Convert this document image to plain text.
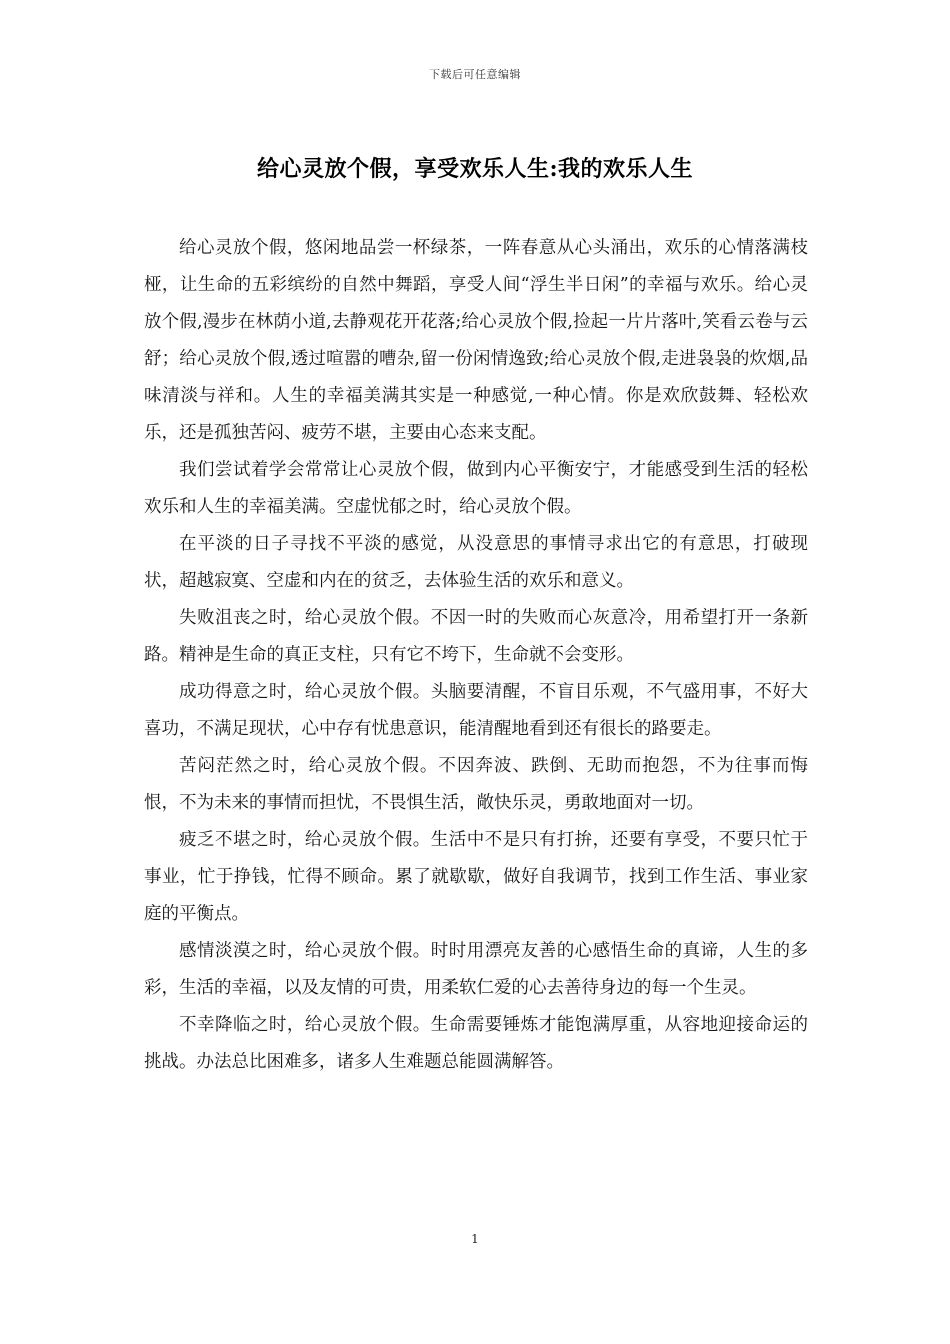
下载后可任意编辑
给心灵放个假，享受欢乐人生:我的欢乐人生

给心灵放个假，悠闲地品尝一杯绿茶，一阵春意从心头涌出，欢乐的心情落满枝桠，让生命的五彩缤纷的自然中舞蹈，享受人间“浮生半日闲”的幸福与欢乐。给心灵放个假,漫步在林荫小道,去静观花开花落;给心灵放个假,捡起一片片落叶,笑看云卷与云舒；给心灵放个假,透过喧嚣的嘈杂,留一份闲情逸致;给心灵放个假,走进袅袅的炊烟,品味清淡与祥和。人生的幸福美满其实是一种感觉,一种心情。你是欢欣鼓舞、轻松欢乐，还是孤独苦闷、疲劳不堪，主要由心态来支配。

我们尝试着学会常常让心灵放个假，做到内心平衡安宁，才能感受到生活的轻松欢乐和人生的幸福美满。空虚忧郁之时，给心灵放个假。

在平淡的日子寻找不平淡的感觉，从没意思的事情寻求出它的有意思，打破现状，超越寂寞、空虚和内在的贫乏，去体验生活的欢乐和意义。

失败沮丧之时，给心灵放个假。不因一时的失败而心灰意冷，用希望打开一条新路。精神是生命的真正支柱，只有它不垮下，生命就不会变形。

成功得意之时，给心灵放个假。头脑要清醒，不盲目乐观，不气盛用事，不好大喜功，不满足现状，心中存有忧患意识，能清醒地看到还有很长的路要走。

苦闷茫然之时，给心灵放个假。不因奔波、跌倒、无助而抱怨，不为往事而悔恨，不为未来的事情而担忧，不畏惧生活，敞快乐灵，勇敢地面对一切。

疲乏不堪之时，给心灵放个假。生活中不是只有打拚，还要有享受，不要只忙于事业，忙于挣钱，忙得不顾命。累了就歇歇，做好自我调节，找到工作生活、事业家庭的平衡点。

感情淡漠之时，给心灵放个假。时时用漂亮友善的心感悟生命的真谛，人生的多彩，生活的幸福，以及友情的可贵，用柔软仁爱的心去善待身边的每一个生灵。

不幸降临之时，给心灵放个假。生命需要锤炼才能饱满厚重，从容地迎接命运的挑战。办法总比困难多，诸多人生难题总能圆满解答。

1
